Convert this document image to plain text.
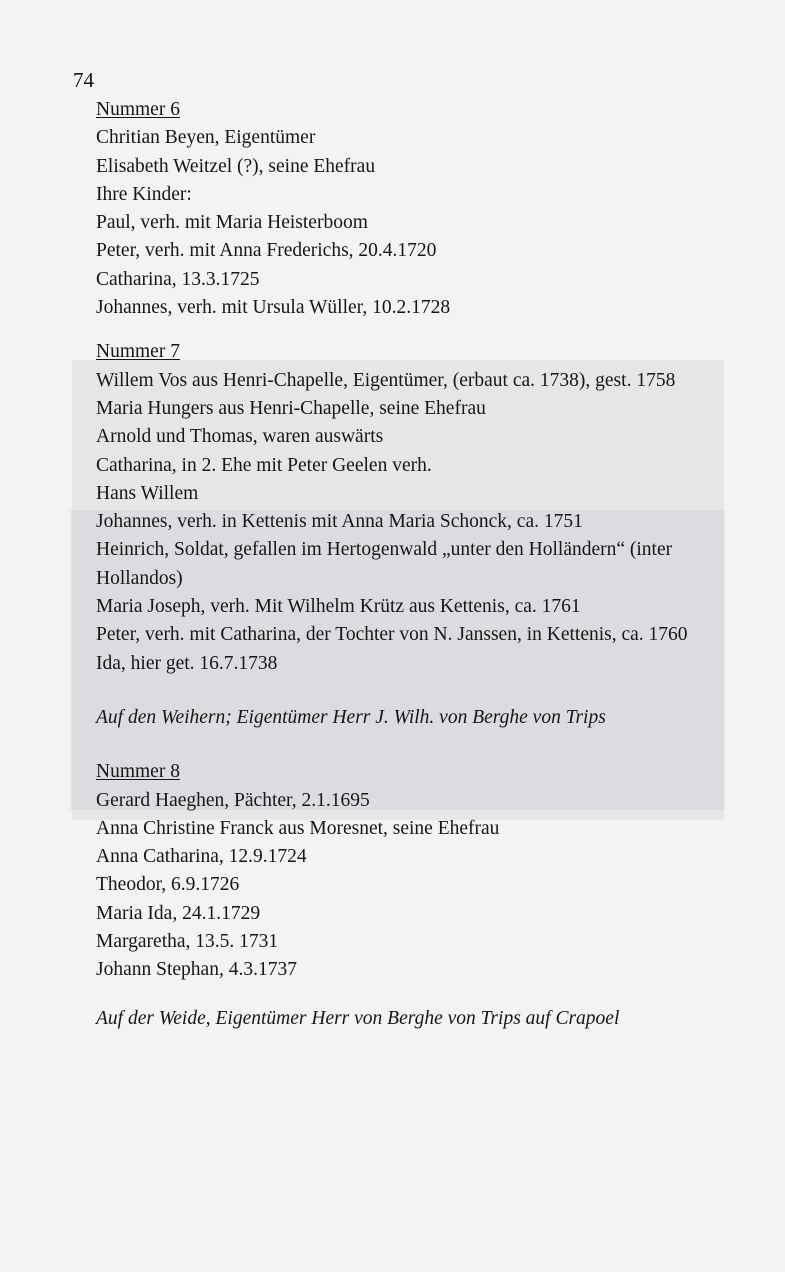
74
Nummer 6
Chritian Beyen, Eigentümer
Elisabeth Weitzel (?), seine Ehefrau
Ihre Kinder:
Paul, verh. mit Maria Heisterboom
Peter, verh. mit Anna Frederichs, 20.4.1720
Catharina, 13.3.1725
Johannes, verh. mit Ursula Wüller, 10.2.1728
Nummer 7
Willem Vos aus Henri-Chapelle, Eigentümer, (erbaut ca. 1738), gest. 1758
Maria Hungers aus Henri-Chapelle, seine Ehefrau
Arnold und Thomas, waren auswärts
Catharina, in 2. Ehe mit Peter Geelen verh.
Hans Willem
Johannes, verh. in Kettenis mit Anna Maria Schonck, ca. 1751
Heinrich, Soldat, gefallen im Hertogenwald „unter den Holländern“ (inter Hollandos)
Maria Joseph, verh. Mit Wilhelm Krütz aus Kettenis, ca. 1761
Peter, verh. mit Catharina, der Tochter von N. Janssen, in Kettenis, ca. 1760
Ida, hier get. 16.7.1738
Auf den Weihern; Eigentümer Herr J. Wilh. von Berghe von Trips
Nummer 8
Gerard Haeghen, Pächter, 2.1.1695
Anna Christine Franck aus Moresnet, seine Ehefrau
Anna Catharina, 12.9.1724
Theodor, 6.9.1726
Maria Ida, 24.1.1729
Margaretha, 13.5. 1731
Johann Stephan, 4.3.1737
Auf der Weide, Eigentümer Herr von Berghe von Trips auf Crapoel
